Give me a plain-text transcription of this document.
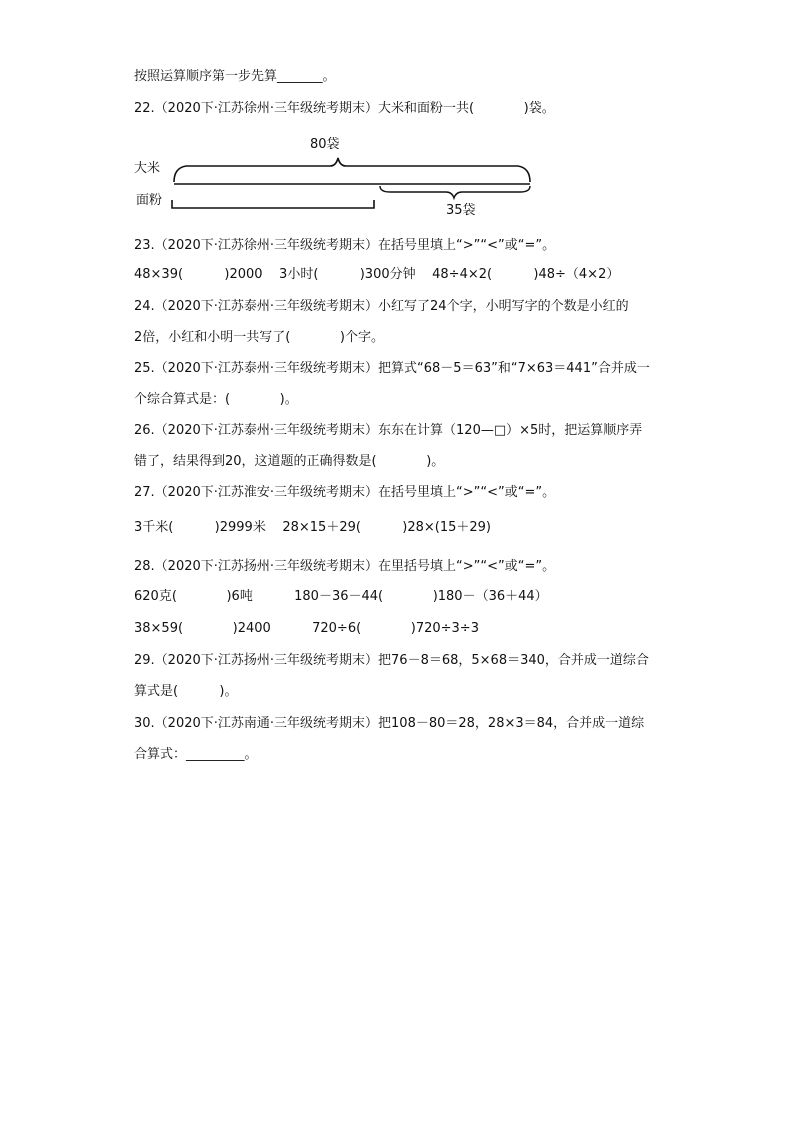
按照运算顺序第一步先算_______。
22.（2020下·江苏徐州·三年级统考期末）大米和面粉一共(            )袋。
80袋
大米
面粉
35袋
23.（2020下·江苏徐州·三年级统考期末）在括号里填上“>”“<”或“=”。
48×39(          )2000    3小时(          )300分钟    48÷4×2(          )48÷（4×2）
24.（2020下·江苏泰州·三年级统考期末）小红写了24个字，小明写字的个数是小红的
2倍，小红和小明一共写了(            )个字。
25.（2020下·江苏泰州·三年级统考期末）把算式“68－5＝63”和“7×63＝441”合并成一
个综合算式是：(            )。
26.（2020下·江苏泰州·三年级统考期末）东东在计算（120—□）×5时，把运算顺序弄
错了，结果得到20，这道题的正确得数是(            )。
27.（2020下·江苏淮安·三年级统考期末）在括号里填上“>”“<”或“=”。
3千米(          )2999米    28×15＋29(          )28×(15＋29)
28.（2020下·江苏扬州·三年级统考期末）在里括号填上“>”“<”或“=”。
620克(            )6吨          180－36－44(            )180－（36＋44）
38×59(            )2400          720÷6(            )720÷3÷3
29.（2020下·江苏扬州·三年级统考期末）把76－8＝68，5×68＝340，合并成一道综合
算式是(          )。
30.（2020下·江苏南通·三年级统考期末）把108－80＝28，28×3＝84，合并成一道综
合算式：_________。
